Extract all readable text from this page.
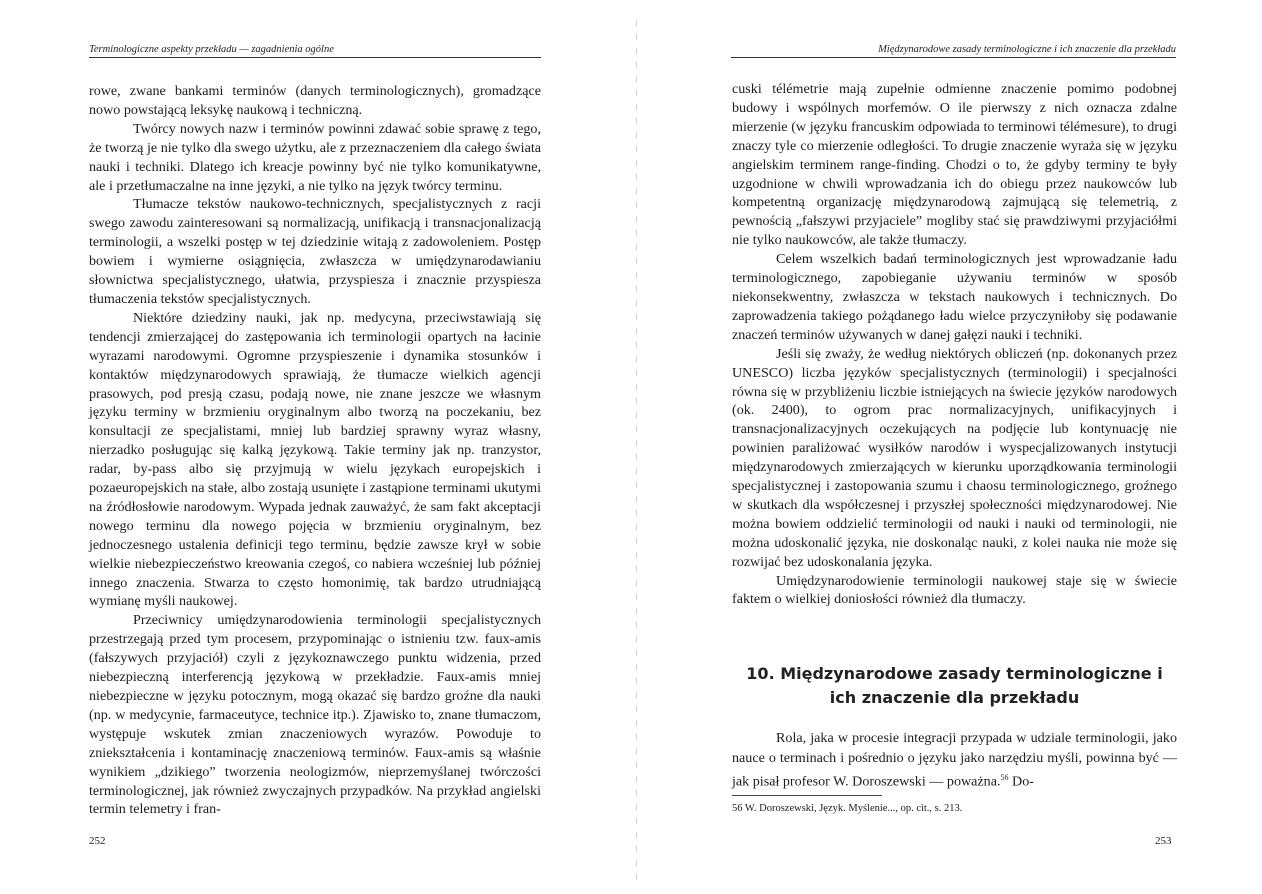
Terminologiczne aspekty przekładu — zagadnienia ogólne

rowe, zwane bankami terminów (danych terminologicznych), gromadzące nowo powstającą leksykę naukową i techniczną.

Twórcy nowych nazw i terminów powinni zdawać sobie sprawę z tego, że tworzą je nie tylko dla swego użytku, ale z przeznaczeniem dla całego świata nauki i techniki. Dlatego ich kreacje powinny być nie tylko komunikatywne, ale i przetłumaczalne na inne języki, a nie tylko na język twórcy terminu.

Tłumacze tekstów naukowo-technicznych, specjalistycznych z racji swego zawodu zainteresowani są normalizacją, unifikacją i transnacjonalizacją terminologii, a wszelki postęp w tej dziedzinie witają z zadowoleniem. Postęp bowiem i wymierne osiągnięcia, zwłaszcza w umiędzynarodawianiu słownictwa specjalistycznego, ułatwia, przyspiesza i znacznie przyspiesza tłumaczenia tekstów specjalistycznych.

Niektóre dziedziny nauki, jak np. medycyna, przeciwstawiają się tendencji zmierzającej do zastępowania ich terminologii opartych na łacinie wyrazami narodowymi. Ogromne przyspieszenie i dynamika stosunków i kontaktów międzynarodowych sprawiają, że tłumacze wielkich agencji prasowych, pod presją czasu, podają nowe, nie znane jeszcze we własnym języku terminy w brzmieniu oryginalnym albo tworzą na poczekaniu, bez konsultacji ze specjalistami, mniej lub bardziej sprawny wyraz własny, nierzadko posługując się kalką językową. Takie terminy jak np. tranzystor, radar, by-pass albo się przyjmują w wielu językach europejskich i pozaeuropejskich na stałe, albo zostają usunięte i zastąpione terminami ukutymi na źródłosłowie narodowym. Wypada jednak zauważyć, że sam fakt akceptacji nowego terminu dla nowego pojęcia w brzmieniu oryginalnym, bez jednoczesnego ustalenia definicji tego terminu, będzie zawsze krył w sobie wielkie niebezpieczeństwo kreowania czegoś, co nabiera wcześniej lub później innego znaczenia. Stwarza to często homonimię, tak bardzo utrudniającą wymianę myśli naukowej.

Przeciwnicy umiędzynarodowienia terminologii specjalistycznych przestrzegają przed tym procesem, przypominając o istnieniu tzw. faux-amis (fałszywych przyjaciół) czyli z językoznawczego punktu widzenia, przed niebezpieczną interferencją językową w przekładzie. Faux-amis mniej niebezpieczne w języku potocznym, mogą okazać się bardzo groźne dla nauki (np. w medycynie, farmaceutyce, technice itp.). Zjawisko to, znane tłumaczom, występuje wskutek zmian znaczeniowych wyrazów. Powoduje to zniekształcenia i kontaminację znaczeniową terminów. Faux-amis są właśnie wynikiem „dzikiego” tworzenia neologizmów, nieprzemyślanej twórczości terminologicznej, jak również zwyczajnych przypadków. Na przykład angielski termin telemetry i fran-

252
Międzynarodowe zasady terminologiczne i ich znaczenie dla przekładu

cuski télémetrie mają zupełnie odmienne znaczenie pomimo podobnej budowy i wspólnych morfemów. O ile pierwszy z nich oznacza zdalne mierzenie (w języku francuskim odpowiada to terminowi télémesure), to drugi znaczy tyle co mierzenie odległości. To drugie znaczenie wyraża się w języku angielskim terminem range-finding. Chodzi o to, że gdyby terminy te były uzgodnione w chwili wprowadzania ich do obiegu przez naukowców lub kompetentną organizację międzynarodową zajmującą się telemetrią, z pewnością „fałszywi przyjaciele” mogliby stać się prawdziwymi przyjaciółmi nie tylko naukowców, ale także tłumaczy.

Celem wszelkich badań terminologicznych jest wprowadzanie ładu terminologicznego, zapobieganie używaniu terminów w sposób niekonsekwentny, zwłaszcza w tekstach naukowych i technicznych. Do zaprowadzenia takiego pożądanego ładu wielce przyczyniłoby się podawanie znaczeń terminów używanych w danej gałęzi nauki i techniki.

Jeśli się zważy, że według niektórych obliczeń (np. dokonanych przez UNESCO) liczba języków specjalistycznych (terminologii) i specjalności równa się w przybliżeniu liczbie istniejących na świecie języków narodowych (ok. 2400), to ogrom prac normalizacyjnych, unifikacyjnych i transnacjonalizacyjnych oczekujących na podjęcie lub kontynuację nie powinien paraliżować wysiłków narodów i wyspecjalizowanych instytucji międzynarodowych zmierzających w kierunku uporządkowania terminologii specjalistycznej i zastopowania szumu i chaosu terminologicznego, groźnego w skutkach dla współczesnej i przyszłej społeczności międzynarodowej. Nie można bowiem oddzielić terminologii od nauki i nauki od terminologii, nie można udoskonalić języka, nie doskonaląc nauki, z kolei nauka nie może się rozwijać bez udoskonalania języka.

Umiędzynarodowienie terminologii naukowej staje się w świecie faktem o wielkiej doniosłości również dla tłumaczy.

10. Międzynarodowe zasady terminologiczne i ich znaczenie dla przekładu

Rola, jaka w procesie integracji przypada w udziale terminologii, jako nauce o terminach i pośrednio o języku jako narzędziu myśli, powinna być — jak pisał profesor W. Doroszewski — poważna.$^{56}$ Do-

56 W. Doroszewski, Język. Myślenie..., op. cit., s. 213.
253
